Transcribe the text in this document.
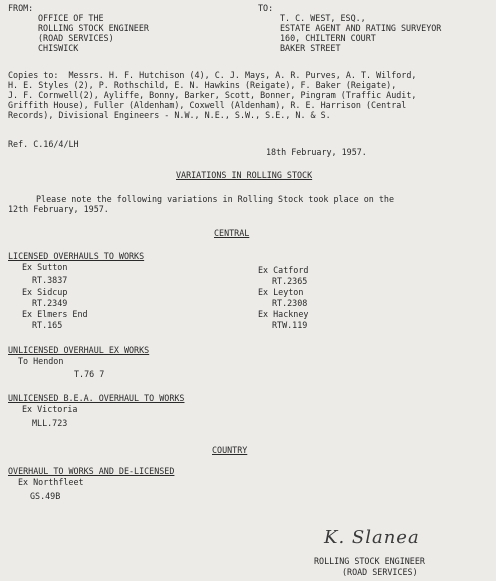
FROM:
OFFICE OF THE
ROLLING STOCK ENGINEER
(ROAD SERVICES)
CHISWICK
TO:
T. C. WEST, ESQ.,
ESTATE AGENT AND RATING SURVEYOR
160, CHILTERN COURT
BAKER STREET
Copies to:  Messrs. H. F. Hutchison (4), C. J. Mays, A. R. Purves, A. T. Wilford,
H. E. Styles (2), P. Rothschild, E. N. Hawkins (Reigate), F. Baker (Reigate),
J. F. Cornwell(2), Ayliffe, Bonny, Barker, Scott, Bonner, Pingram (Traffic Audit,
Griffith House), Fuller (Aldenham), Coxwell (Aldenham), R. E. Harrison (Central
Records), Divisional Engineers - N.W., N.E., S.W., S.E., N. & S.
Ref. C.16/4/LH
18th February, 1957.
VARIATIONS IN ROLLING STOCK
Please note the following variations in Rolling Stock took place on the
12th February, 1957.
CENTRAL
LICENSED OVERHAULS TO WORKS
Ex Sutton
RT.3837
Ex Sidcup
RT.2349
Ex Elmers End
RT.165
Ex Catford
RT.2365
Ex Leyton
RT.2308
Ex Hackney
RTW.119
UNLICENSED OVERHAUL EX WORKS
To Hendon
T.76 7
UNLICENSED B.E.A. OVERHAUL TO WORKS
Ex Victoria
MLL.723
COUNTRY
OVERHAUL TO WORKS AND DE-LICENSED
Ex Northfleet
GS.49B
K. Slanea
ROLLING STOCK ENGINEER
(ROAD SERVICES)
